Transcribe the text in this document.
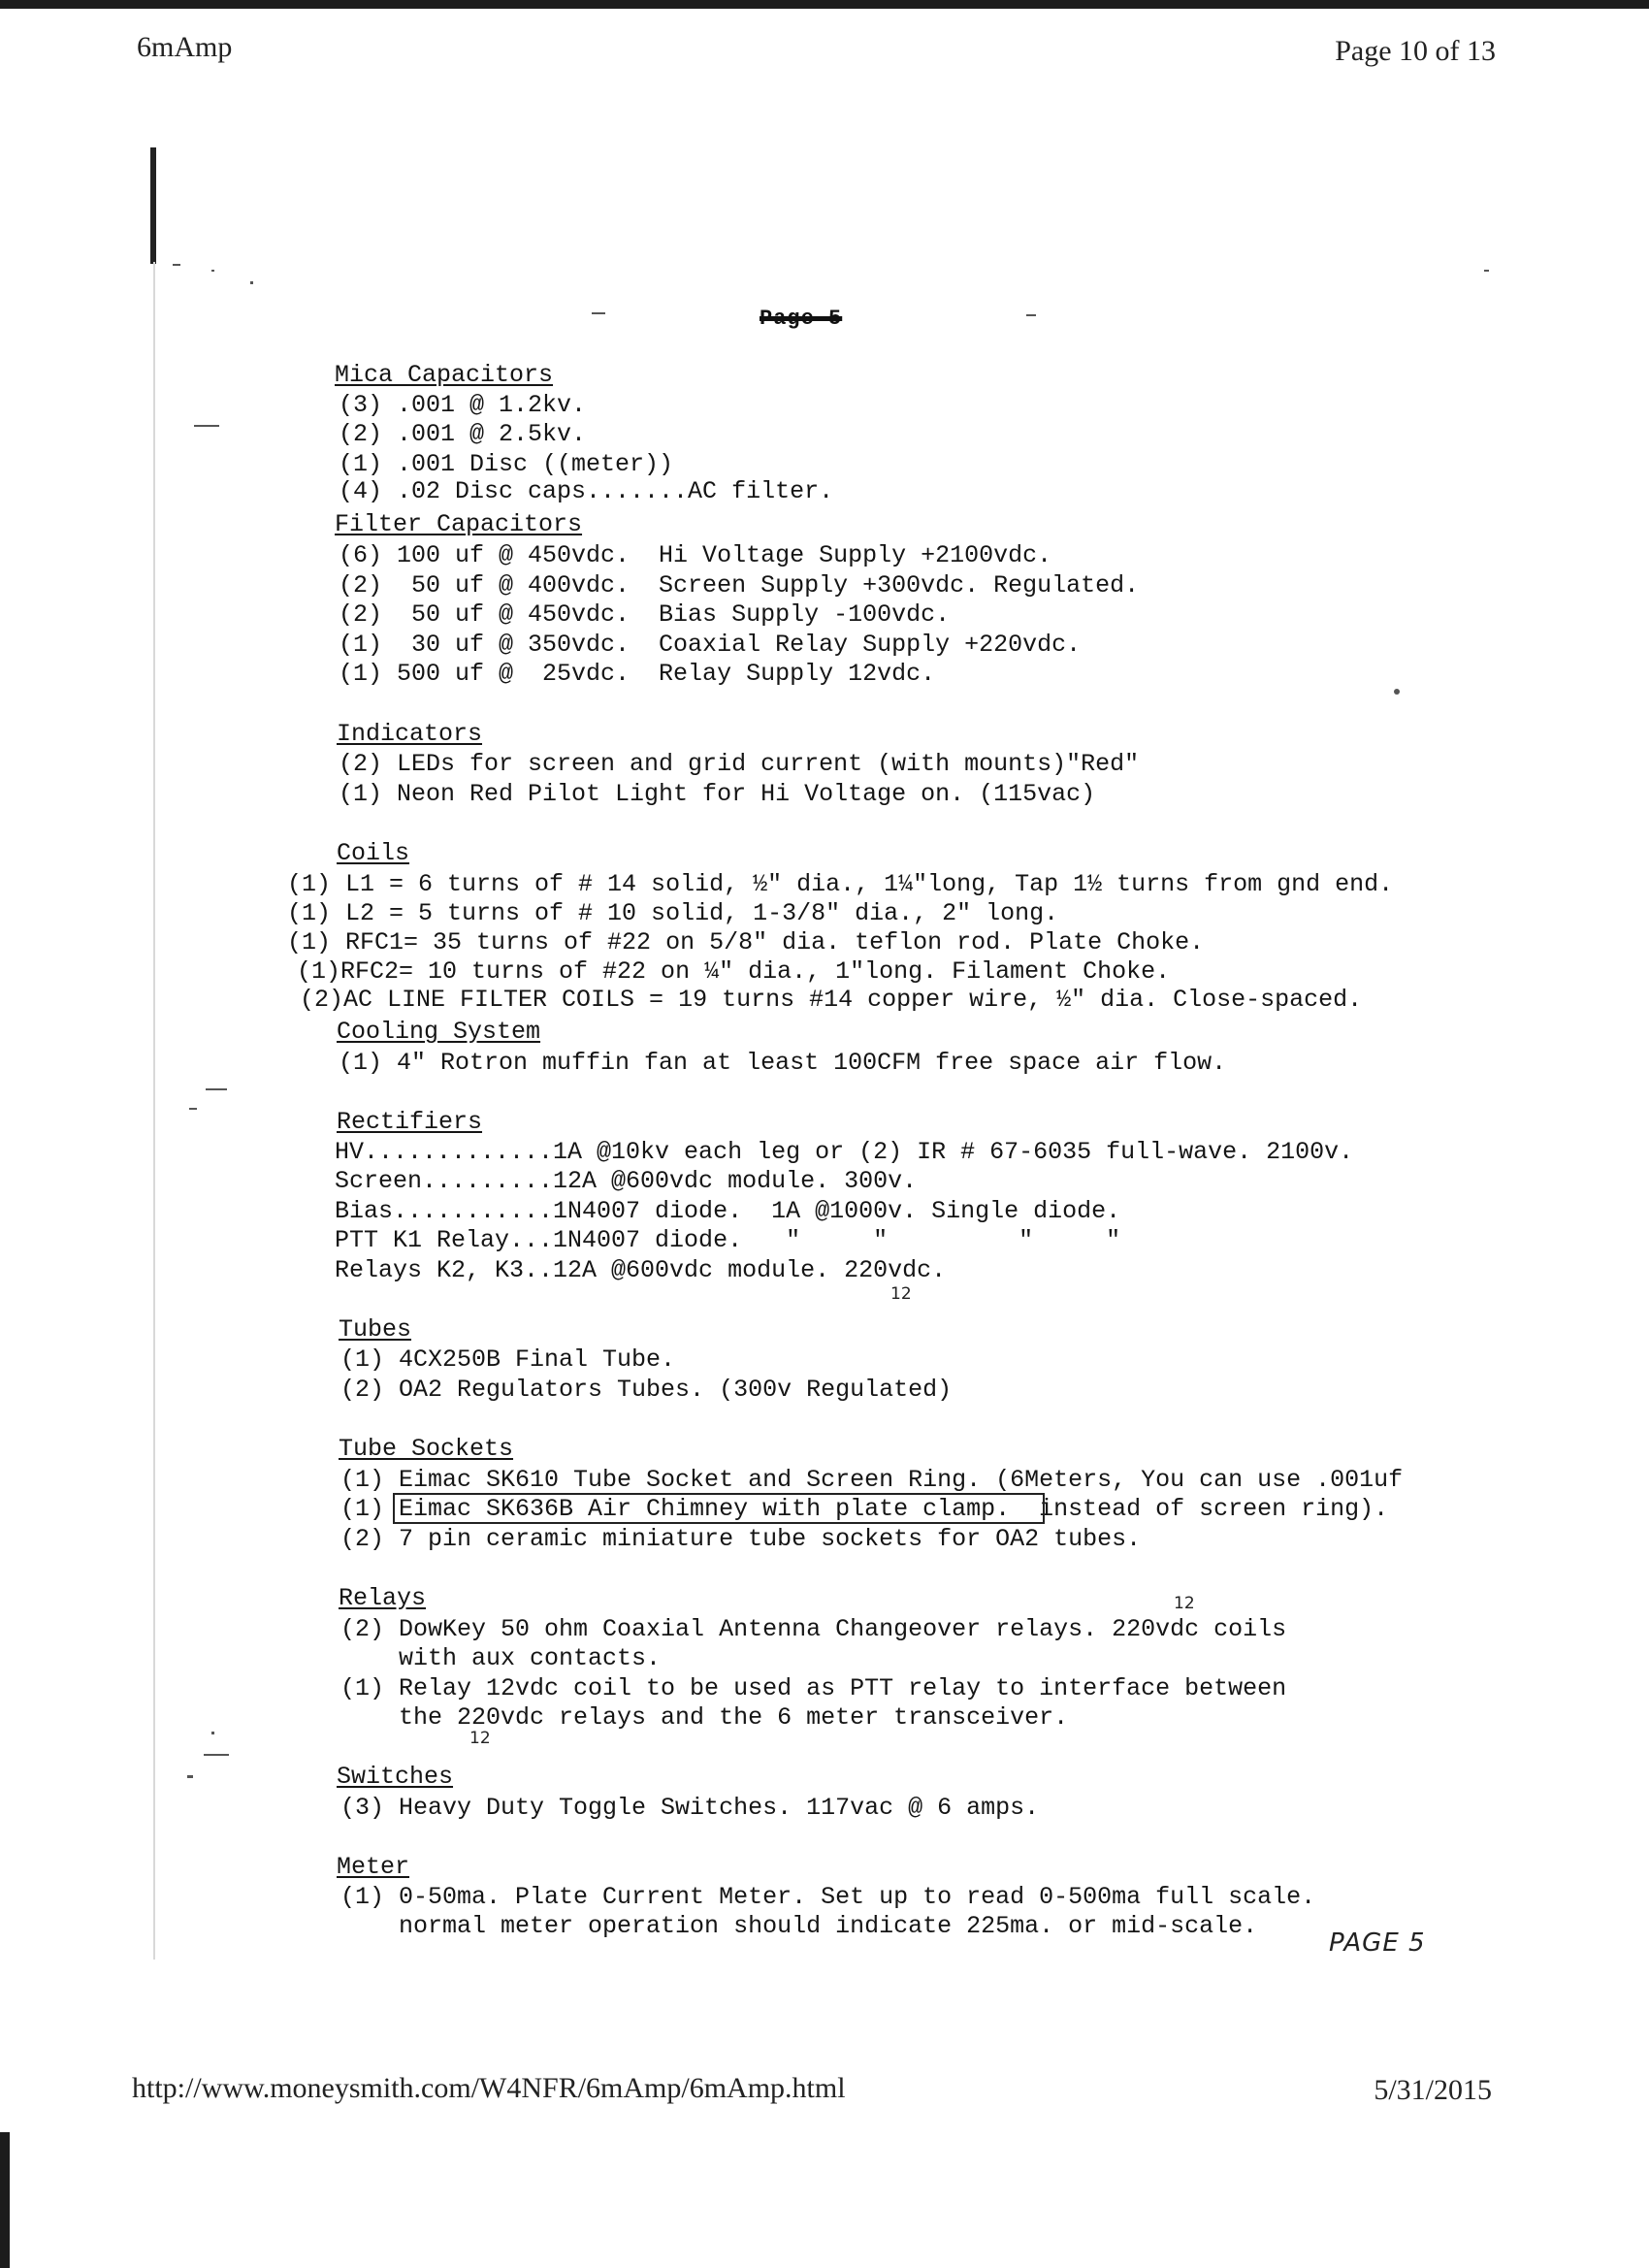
6mAmp	Page 10 of 13
Page 5
Mica Capacitors
(3) .001 @ 1.2kv.
(2) .001 @ 2.5kv.
(1) .001 Disc ((meter))
(4) .02 Disc caps.......AC filter.
Filter Capacitors
(6) 100 uf @ 450vdc.  Hi Voltage Supply +2100vdc.
(2)  50 uf @ 400vdc.  Screen Supply +300vdc. Regulated.
(2)  50 uf @ 450vdc.  Bias Supply -100vdc.
(1)  30 uf @ 350vdc.  Coaxial Relay Supply +220vdc.
(1) 500 uf @  25vdc.  Relay Supply 12vdc.
Indicators
(2) LEDs for screen and grid current (with mounts)"Red"
(1) Neon Red Pilot Light for Hi Voltage on. (115vac)
Coils
(1) L1 = 6 turns of # 14 solid, ½" dia., 1¼"long, Tap 1½ turns from gnd end.
(1) L2 = 5 turns of # 10 solid, 1-3/8" dia., 2" long.
(1) RFC1= 35 turns of #22 on 5/8" dia. teflon rod. Plate Choke.
(1)RFC2= 10 turns of #22 on ¼" dia., 1"long. Filament Choke.
(2)AC LINE FILTER COILS = 19 turns #14 copper wire, ½" dia. Close-spaced.
Cooling System
(1) 4" Rotron muffin fan at least 100CFM free space air flow.
Rectifiers
HV.............1A @10kv each leg or (2) IR # 67-6035 full-wave. 2100v.
Screen.........12A @600vdc module. 300v.
Bias...........1N4007 diode.  1A @1000v. Single diode.
PTT K1 Relay...1N4007 diode.   "     "         "     "
Relays K2, K3..12A @600vdc module. 220vdc.
12
Tubes
(1) 4CX250B Final Tube.
(2) OA2 Regulators Tubes. (300v Regulated)
Tube Sockets
(1) Eimac SK610 Tube Socket and Screen Ring. (6Meters, You can use .001uf
(1) Eimac SK636B Air Chimney with plate clamp.  instead of screen ring).
(2) 7 pin ceramic miniature tube sockets for OA2 tubes.
Relays	12
(2) DowKey 50 ohm Coaxial Antenna Changeover relays. 220vdc coils
with aux contacts.
(1) Relay 12vdc coil to be used as PTT relay to interface between
the 220vdc relays and the 6 meter transceiver.
12
Switches
(3) Heavy Duty Toggle Switches. 117vac @ 6 amps.
Meter
(1) 0-50ma. Plate Current Meter. Set up to read 0-500ma full scale.
normal meter operation should indicate 225ma. or mid-scale.
PAGE 5
http://www.moneysmith.com/W4NFR/6mAmp/6mAmp.html	5/31/2015
